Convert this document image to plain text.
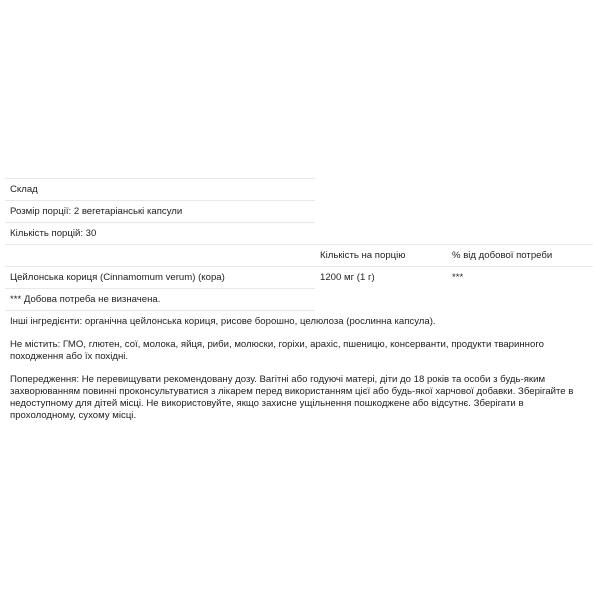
Склад		
Розмір порції: 2 вегетаріанські капсули		
Кількість порцій: 30		
	Кількість на порцію	% від добової потреби
Цейлонська кориця (Cinnamomum verum) (кора)	1200 мг (1 г)	***
*** Добова потреба не визначена.		

Інші інгредієнти: органічна цейлонська кориця, рисове борошно, целюлоза (рослинна капсула).

Не містить: ГМО, глютен, сої, молока, яйця, риби, молюски, горіхи, арахіс, пшеницю, консерванти, продукти тваринного походження або їх похідні.

Попередження: Не перевищувати рекомендовану дозу. Вагітні або годуючі матері, діти до 18 років та особи з будь-яким захворюванням повинні проконсультуватися з лікарем перед використанням цієї або будь-якої харчової добавки. Зберігайте в недоступному для дітей місці. Не використовуйте, якщо захисне ущільнення пошкоджене або відсутнє. Зберігати в прохолодному, сухому місці.
